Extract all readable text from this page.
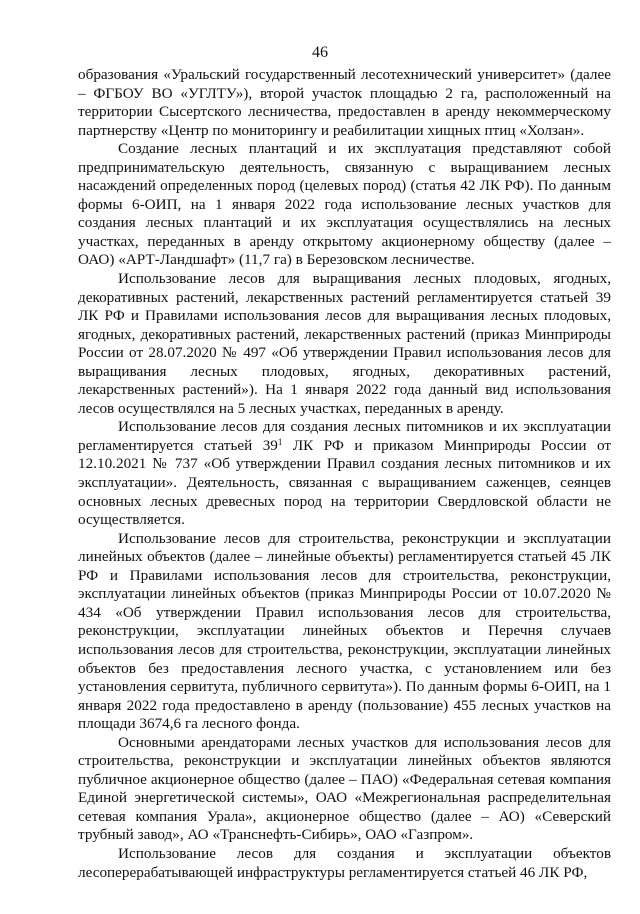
46

образования «Уральский государственный лесотехнический университет» (далее – ФГБОУ ВО «УГЛТУ»), второй участок площадью 2 га, расположенный на территории Сысертского лесничества, предоставлен в аренду некоммерческому партнерству «Центр по мониторингу и реабилитации хищных птиц «Холзан».

Создание лесных плантаций и их эксплуатация представляют собой предпринимательскую деятельность, связанную с выращиванием лесных насаждений определенных пород (целевых пород) (статья 42 ЛК РФ). По данным формы 6-ОИП, на 1 января 2022 года использование лесных участков для создания лесных плантаций и их эксплуатация осуществлялись на лесных участках, переданных в аренду открытому акционерному обществу (далее – ОАО) «АРТ-Ландшафт» (11,7 га) в Березовском лесничестве.

Использование лесов для выращивания лесных плодовых, ягодных, декоративных растений, лекарственных растений регламентируется статьей 39 ЛК РФ и Правилами использования лесов для выращивания лесных плодовых, ягодных, декоративных растений, лекарственных растений (приказ Минприроды России от 28.07.2020 № 497 «Об утверждении Правил использования лесов для выращивания лесных плодовых, ягодных, декоративных растений, лекарственных растений»). На 1 января 2022 года данный вид использования лесов осуществлялся на 5 лесных участках, переданных в аренду.

Использование лесов для создания лесных питомников и их эксплуатации регламентируется статьей $39^1$ ЛК РФ и приказом Минприроды России от 12.10.2021 № 737 «Об утверждении Правил создания лесных питомников и их эксплуатации». Деятельность, связанная с выращиванием саженцев, сеянцев основных лесных древесных пород на территории Свердловской области не осуществляется.

Использование лесов для строительства, реконструкции и эксплуатации линейных объектов (далее – линейные объекты) регламентируется статьей 45 ЛК РФ и Правилами использования лесов для строительства, реконструкции, эксплуатации линейных объектов (приказ Минприроды России от 10.07.2020 № 434 «Об утверждении Правил использования лесов для строительства, реконструкции, эксплуатации линейных объектов и Перечня случаев использования лесов для строительства, реконструкции, эксплуатации линейных объектов без предоставления лесного участка, с установлением или без установления сервитута, публичного сервитута»). По данным формы 6-ОИП, на 1 января 2022 года предоставлено в аренду (пользование) 455 лесных участков на площади 3674,6 га лесного фонда.

Основными арендаторами лесных участков для использования лесов для строительства, реконструкции и эксплуатации линейных объектов являются публичное акционерное общество (далее – ПАО) «Федеральная сетевая компания Единой энергетической системы», ОАО «Межрегиональная распределительная сетевая компания Урала», акционерное общество (далее – АО) «Северский трубный завод», АО «Транснефть-Сибирь», ОАО «Газпром».

Использование лесов для создания и эксплуатации объектов лесоперерабатывающей инфраструктуры регламентируется статьей 46 ЛК РФ,
